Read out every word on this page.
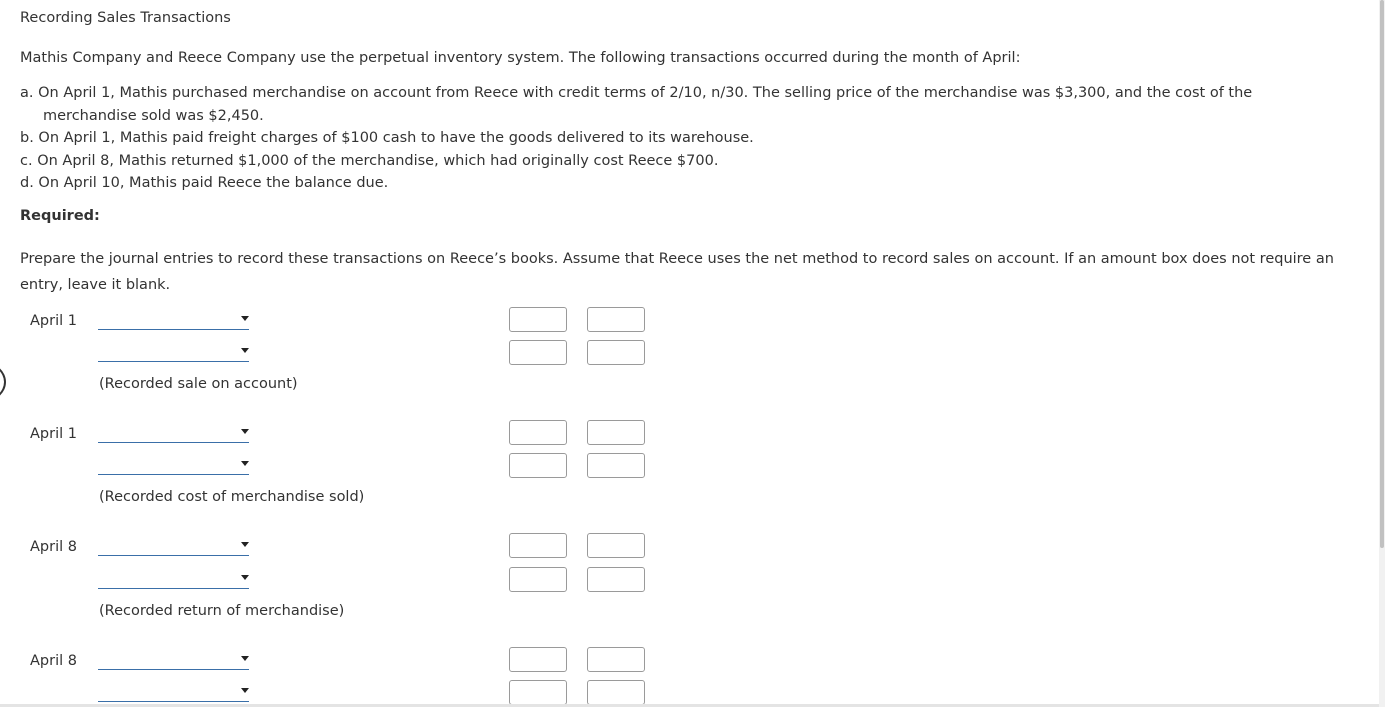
Recording Sales Transactions
Mathis Company and Reece Company use the perpetual inventory system. The following transactions occurred during the month of April:
a. On April 1, Mathis purchased merchandise on account from Reece with credit terms of 2/10, n/30. The selling price of the merchandise was $3,300, and the cost of the merchandise sold was $2,450.
b. On April 1, Mathis paid freight charges of $100 cash to have the goods delivered to its warehouse.
c. On April 8, Mathis returned $1,000 of the merchandise, which had originally cost Reece $700.
d. On April 10, Mathis paid Reece the balance due.
Required:
Prepare the journal entries to record these transactions on Reece’s books. Assume that Reece uses the net method to record sales on account. If an amount box does not require an entry, leave it blank.
April 1
(Recorded sale on account)
April 1
(Recorded cost of merchandise sold)
April 8
(Recorded return of merchandise)
April 8
